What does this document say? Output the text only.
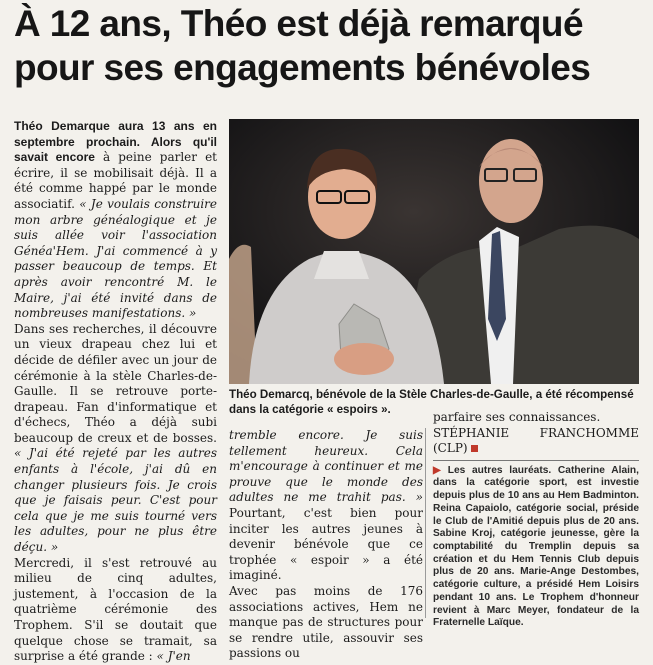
À 12 ans, Théo est déjà remarqué
pour ses engagements bénévoles

Théo Demarque aura 13 ans en septembre prochain. Alors qu'il savait encore à peine parler et écrire, il se mobilisait déjà. Il a été comme happé par le monde associatif. « Je voulais construire mon arbre généalogique et je suis allée voir l'association Généa'Hem. J'ai commencé à y passer beaucoup de temps. Et après avoir rencontré M. le Maire, j'ai été invité dans de nombreuses manifestations. »

Dans ses recherches, il découvre un vieux drapeau chez lui et décide de défiler avec un jour de cérémonie à la stèle Charles-de-Gaulle. Il se retrouve porte-drapeau. Fan d'informatique et d'échecs, Théo a déjà subi beaucoup de creux et de bosses. « J'ai été rejeté par les autres enfants à l'école, j'ai dû en changer plusieurs fois. Je crois que je faisais peur. C'est pour cela que je me suis tourné vers les adultes, pour ne plus être déçu. »

Mercredi, il s'est retrouvé au milieu de cinq adultes, justement, à l'occasion de la quatrième cérémonie des Trophem. S'il se doutait que quelque chose se tramait, sa surprise a été grande : « J'en

Théo Demarcq, bénévole de la Stèle Charles-de-Gaulle, a été récompensé dans la catégorie « espoirs ».

tremble encore. Je suis tellement heureux. Cela m'encourage à continuer et me prouve que le monde des adultes ne me trahit pas. » Pourtant, c'est bien pour inciter les autres jeunes à devenir bénévole que ce trophée « espoir » a été imaginé.

Avec pas moins de 176 associations actives, Hem ne manque pas de structures pour se rendre utile, assouvir ses passions ou

parfaire ses connaissances.

STÉPHANIE FRANCHOMME (CLP)

▶ Les autres lauréats. Catherine Alain, dans la catégorie sport, est investie depuis plus de 10 ans au Hem Badminton. Reina Capaiolo, catégorie social, préside le Club de l'Amitié depuis plus de 20 ans. Sabine Kroj, catégorie jeunesse, gère la comptabilité du Tremplin depuis sa création et du Hem Tennis Club depuis plus de 20 ans. Marie-Ange Destombes, catégorie culture, a présidé Hem Loisirs pendant 10 ans. Le Trophem d'honneur revient à Marc Meyer, fondateur de la Fraternelle Laïque.
